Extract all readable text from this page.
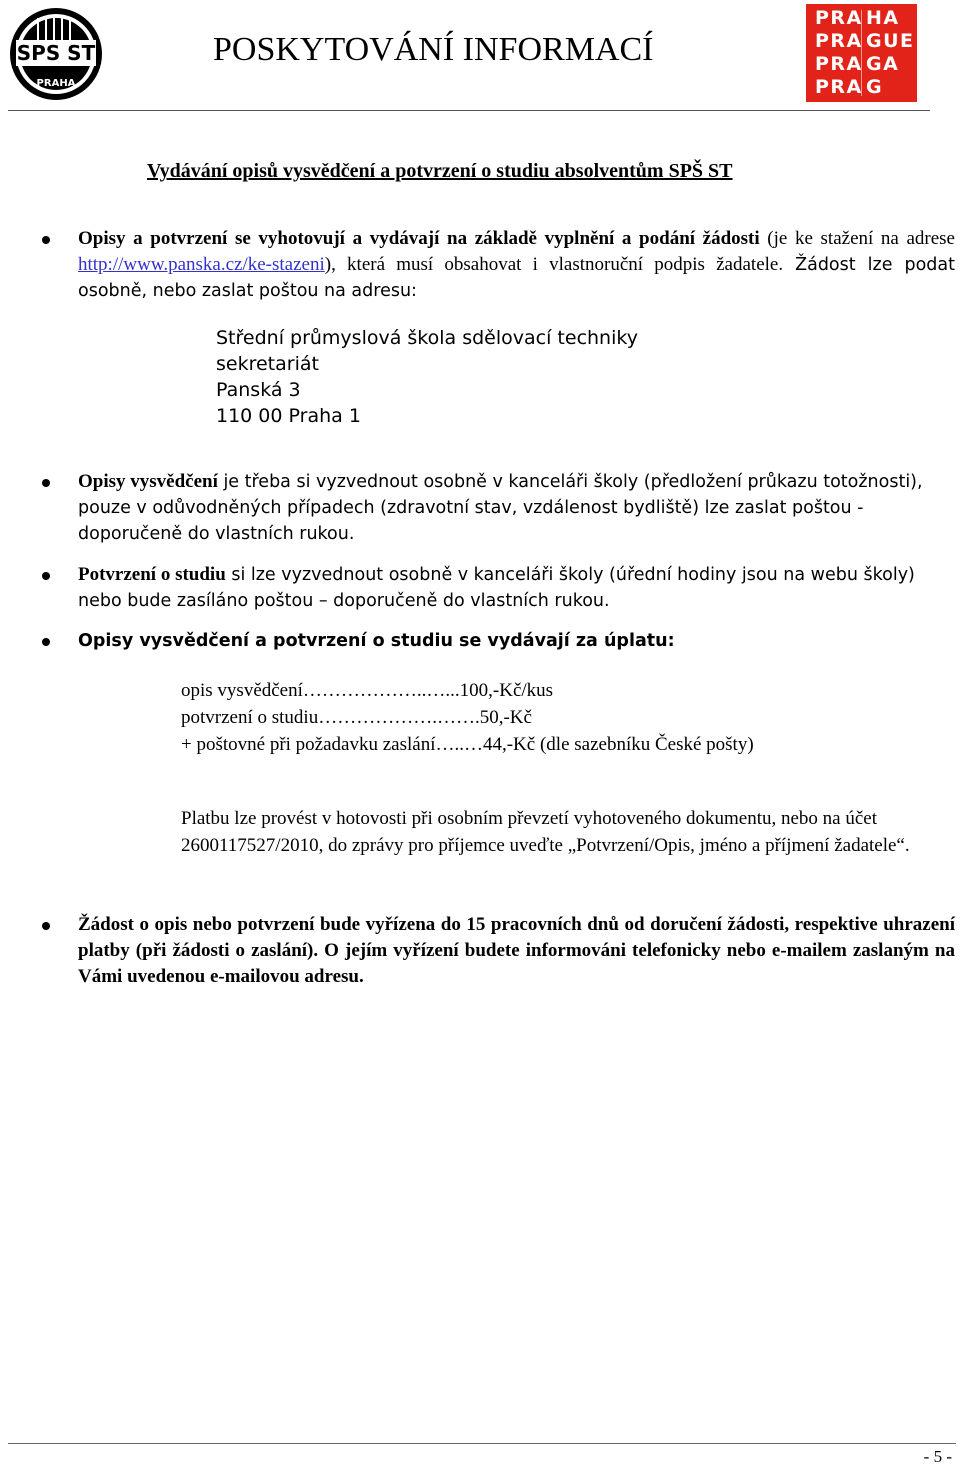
SPS ST
PRAHA
POSKYTOVÁNÍ INFORMACÍ
PRA HA
PRA GUE
PRA GA
PRA G
Vydávání opisů vysvědčení a potvrzení o studiu absolventům SPŠ ST
Opisy a potvrzení se vyhotovují a vydávají na základě vyplnění a podání žádosti (je ke stažení na adrese http://www.panska.cz/ke-stazeni), která musí obsahovat i vlastnoruční podpis žadatele. Žádost lze podat osobně, nebo zaslat poštou na adresu:
Střední průmyslová škola sdělovací techniky
sekretariát
Panská 3
110 00 Praha 1
Opisy vysvědčení je třeba si vyzvednout osobně v kanceláři školy (předložení průkazu totožnosti), pouze v odůvodněných případech (zdravotní stav, vzdálenost bydliště) lze zaslat poštou - doporučeně do vlastních rukou.
Potvrzení o studiu si lze vyzvednout osobně v kanceláři školy (úřední hodiny jsou na webu školy) nebo bude zasíláno poštou – doporučeně do vlastních rukou.
Opisy vysvědčení a potvrzení o studiu se vydávají za úplatu:
opis vysvědčení………………..…...100,-Kč/kus
potvrzení o studiu……………….…….50,-Kč
+ poštovné při požadavku zaslání…..…44,-Kč (dle sazebníku České pošty)
Platbu lze provést v hotovosti při osobním převzetí vyhotoveného dokumentu, nebo na účet 2600117527/2010, do zprávy pro příjemce uveďte „Potvrzení/Opis, jméno a příjmení žadatele“.
Žádost o opis nebo potvrzení bude vyřízena do 15 pracovních dnů od doručení žádosti, respektive uhrazení platby (při žádosti o zaslání). O jejím vyřízení budete informováni telefonicky nebo e-mailem zaslaným na Vámi uvedenou e-mailovou adresu.
- 5 -
